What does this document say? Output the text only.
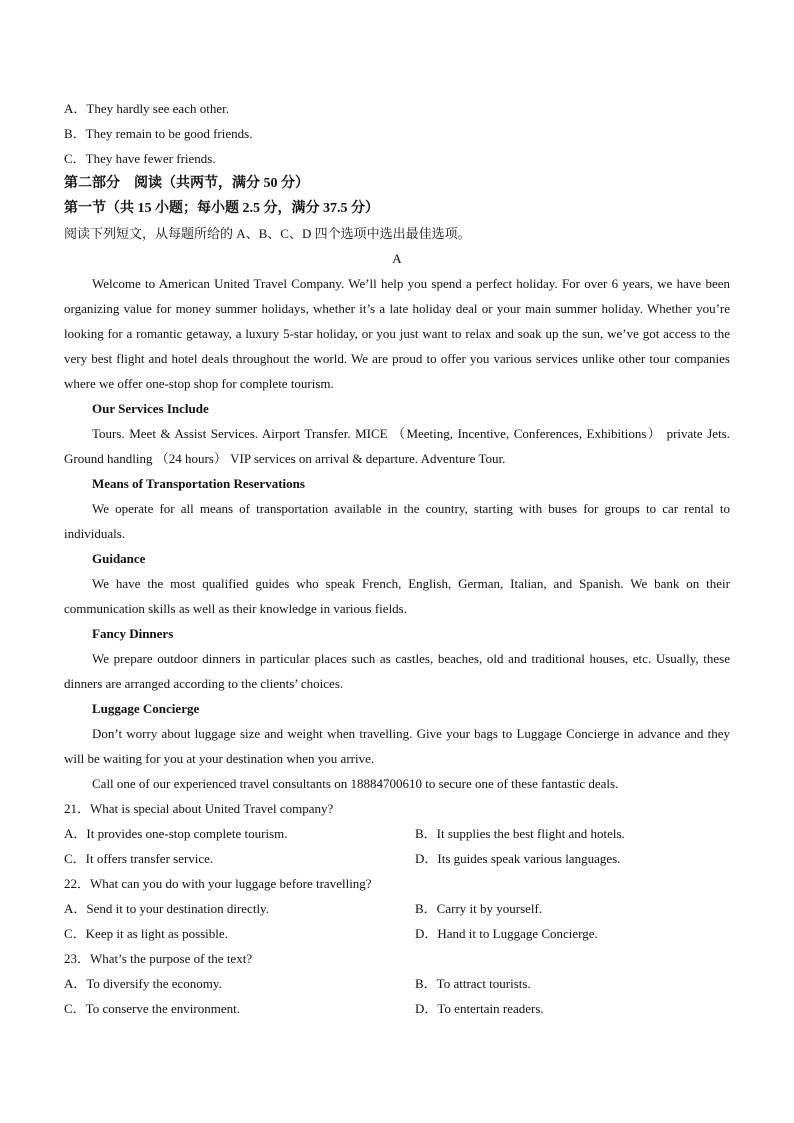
A．They hardly see each other.
B．They remain to be good friends.
C．They have fewer friends.
第二部分　阅读（共两节，满分 50 分）
第一节（共 15 小题；每小题 2.5 分，满分 37.5 分）
阅读下列短文，从每题所给的 A、B、C、D 四个选项中选出最佳选项。
A
Welcome to American United Travel Company. We’ll help you spend a perfect holiday. For over 6 years, we have been organizing value for money summer holidays, whether it’s a late holiday deal or your main summer holiday. Whether you’re looking for a romantic getaway, a luxury 5-star holiday, or you just want to relax and soak up the sun, we’ve got access to the very best flight and hotel deals throughout the world. We are proud to offer you various services unlike other tour companies where we offer one-stop shop for complete tourism.
Our Services Include
Tours. Meet & Assist Services. Airport Transfer. MICE （Meeting, Incentive, Conferences, Exhibitions） private Jets. Ground handling （24 hours） VIP services on arrival & departure. Adventure Tour.
Means of Transportation Reservations
We operate for all means of transportation available in the country, starting with buses for groups to car rental to individuals.
Guidance
We have the most qualified guides who speak French, English, German, Italian, and Spanish. We bank on their communication skills as well as their knowledge in various fields.
Fancy Dinners
We prepare outdoor dinners in particular places such as castles, beaches, old and traditional houses, etc. Usually, these dinners are arranged according to the clients’ choices.
Luggage Concierge
Don’t worry about luggage size and weight when travelling. Give your bags to Luggage Concierge in advance and they will be waiting for you at your destination when you arrive.
Call one of our experienced travel consultants on 18884700610 to secure one of these fantastic deals.
21．What is special about United Travel company?
A．It provides one-stop complete tourism.	B．It supplies the best flight and hotels.
C．It offers transfer service.	D．Its guides speak various languages.
22．What can you do with your luggage before travelling?
A．Send it to your destination directly.	B．Carry it by yourself.
C．Keep it as light as possible.	D．Hand it to Luggage Concierge.
23．What’s the purpose of the text?
A．To diversify the economy.	B．To attract tourists.
C．To conserve the environment.	D．To entertain readers.
